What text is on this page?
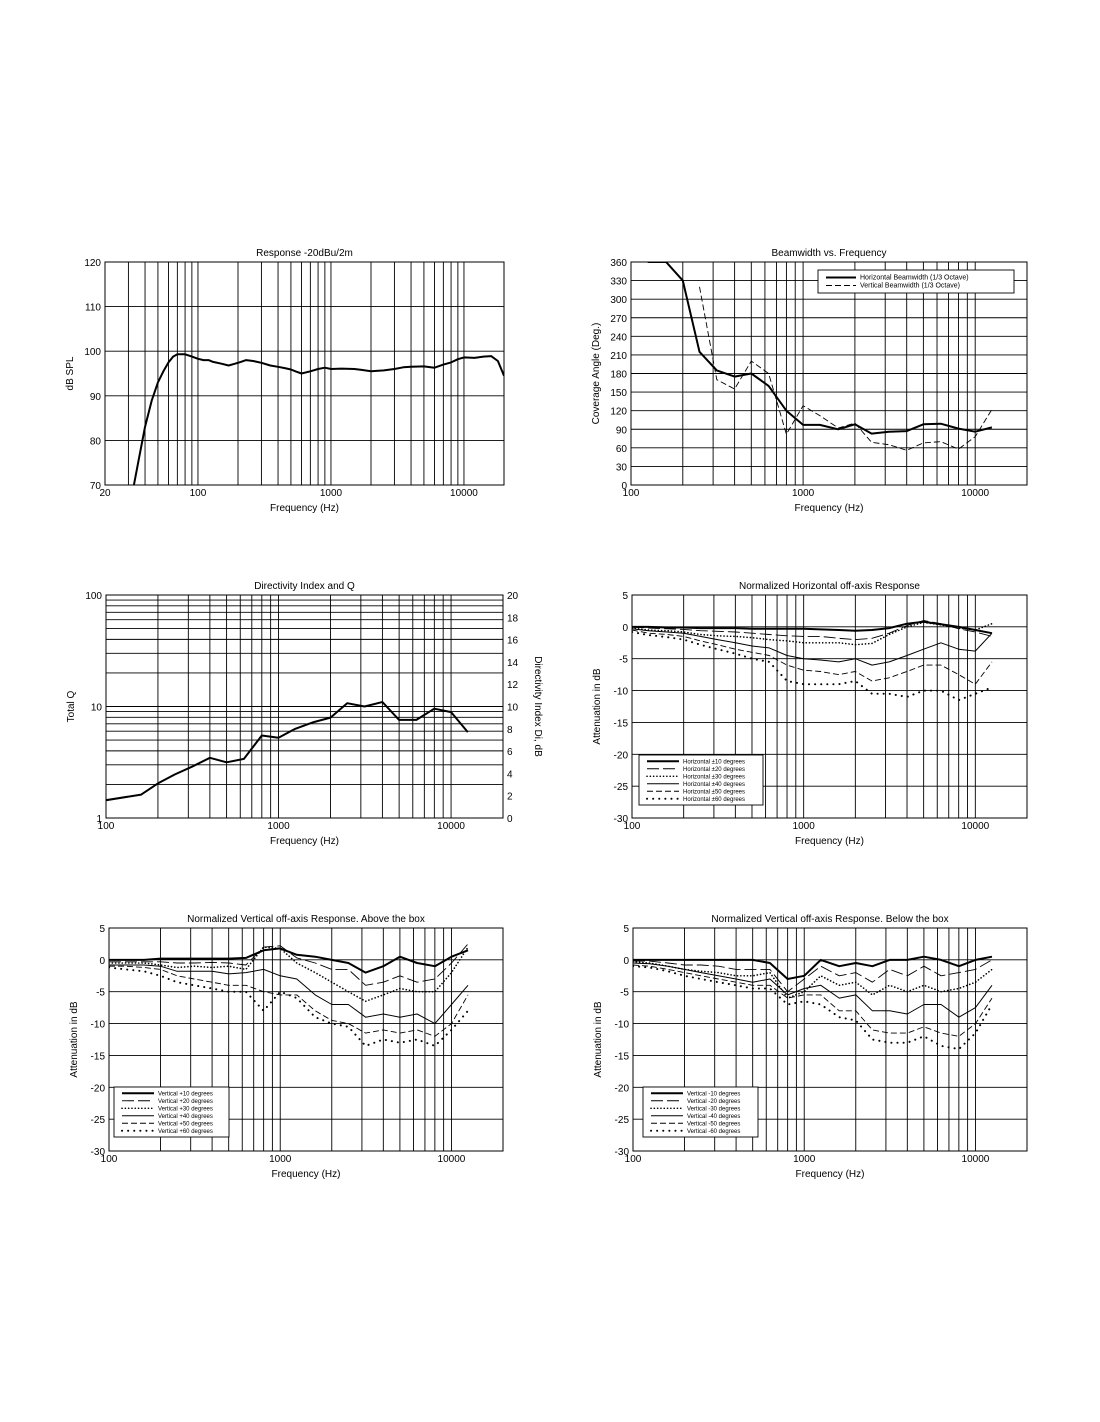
20	100	1000	10000
70
80
90
100
110
120
Response -20dBu/2m
Frequency (Hz)
dB SPL
100	1000	10000
0
30
60
90
120
150
180
210
240
270
300
330
360
Beamwidth vs. Frequency
Frequency (Hz)
Coverage Angle (Deg.)
Horizontal Beamwidth (1/3 Octave)
Vertical Beamwidth (1/3 Octave)
100	1000	10000
1
10
100
0
2
4
6
8
10
12
14
16
18
20
Directivity Index and Q
Frequency (Hz)
Total Q	Directivity Index Di, dB
100	1000	10000
-30
-25
-20
-15
-10
-5
0
5
Normalized Horizontal off-axis Response
Frequency (Hz)
Attenuation in dB
Horizontal ±10 degrees
Horizontal ±20 degrees
Horizontal ±30 degrees
Horizontal ±40 degrees
Horizontal ±50 degrees
Horizontal ±60 degrees
100	1000	10000
-30
-25
-20
-15
-10
-5
0
5
Normalized Vertical off-axis Response. Above the box
Frequency (Hz)
Attenuation in dB
Vertical +10 degrees
Vertical +20 degrees
Vertical +30 degrees
Vertical +40 degrees
Vertical +50 degrees
Vertical +60 degrees
100	1000	10000
-30
-25
-20
-15
-10
-5
0
5
Normalized Vertical off-axis Response. Below the box
Frequency (Hz)
Attenuation in dB
Vertical -10 degrees
Vertical -20 degrees
Vertical -30 degrees
Vertical -40 degrees
Vertical -50 degrees
Vertical -60 degrees
